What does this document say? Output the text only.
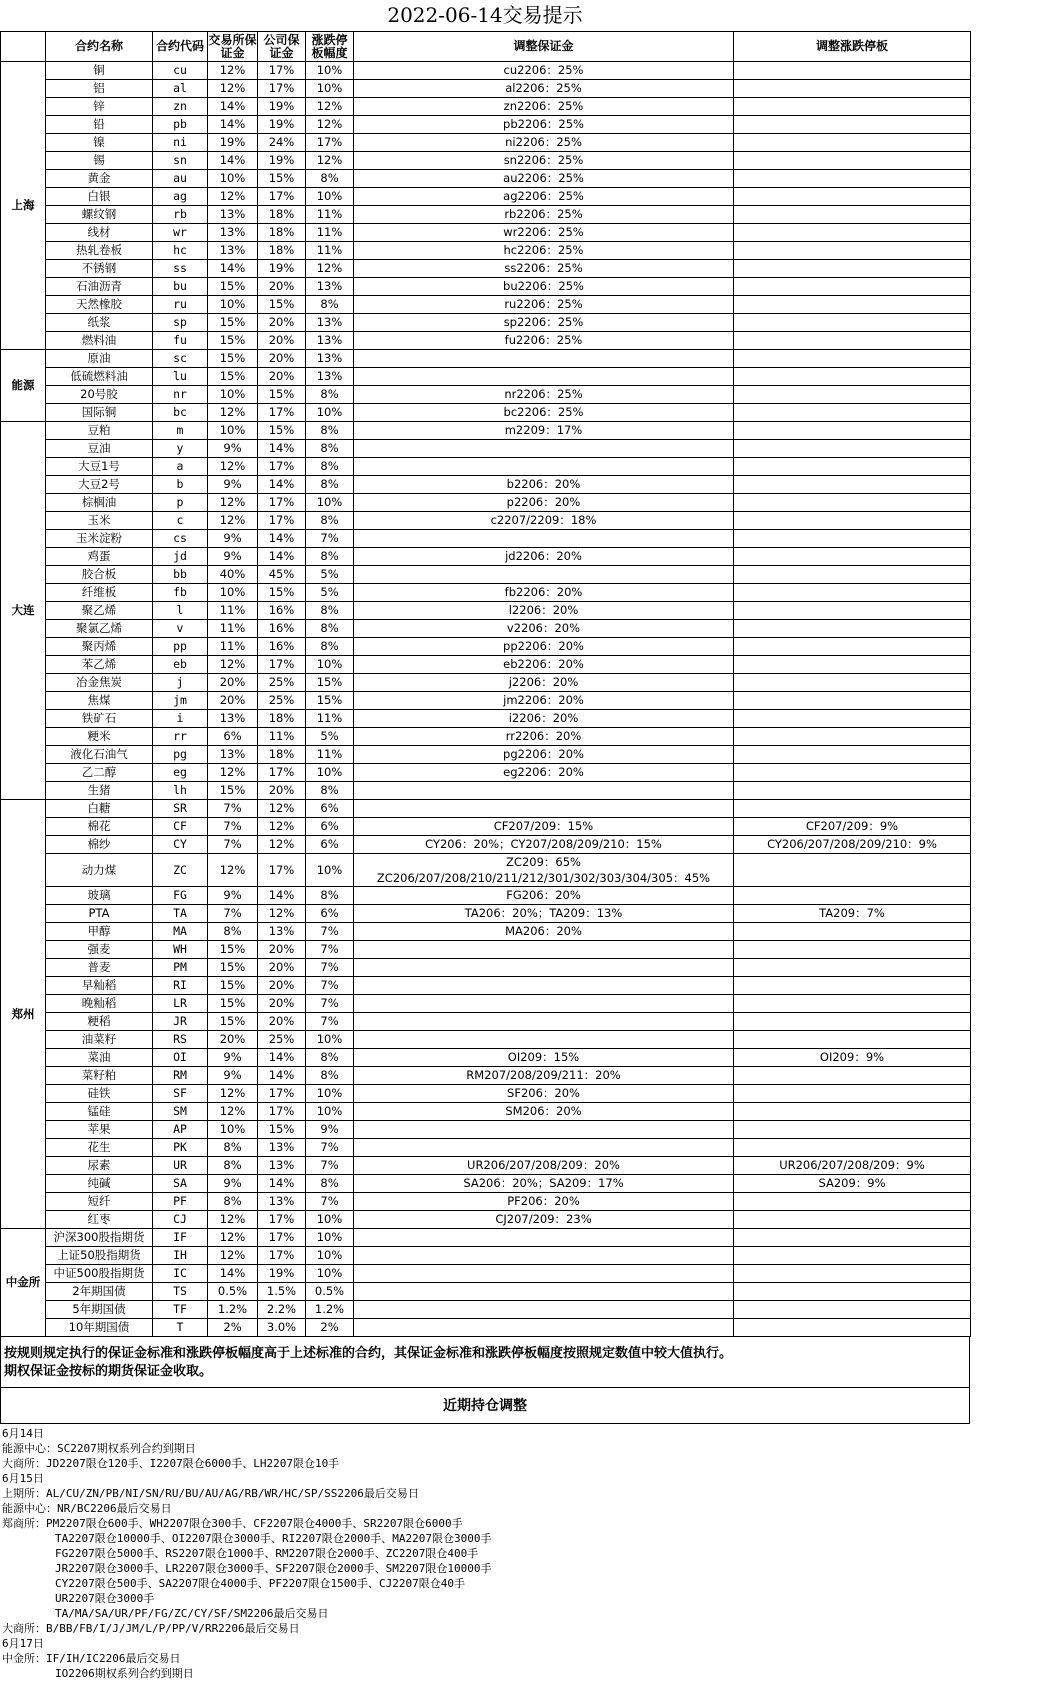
2022-06-14交易提示
	合约名称	合约代码	交易所保证金	公司保证金	涨跌停板幅度	调整保证金	调整涨跌停板
上海	铜	cu	12%	17%	10%	cu2206：25%	
	铝	al	12%	17%	10%	al2206：25%	
	锌	zn	14%	19%	12%	zn2206：25%	
	铅	pb	14%	19%	12%	pb2206：25%	
	镍	ni	19%	24%	17%	ni2206：25%	
	锡	sn	14%	19%	12%	sn2206：25%	
	黄金	au	10%	15%	8%	au2206：25%	
	白银	ag	12%	17%	10%	ag2206：25%	
	螺纹钢	rb	13%	18%	11%	rb2206：25%	
	线材	wr	13%	18%	11%	wr2206：25%	
	热轧卷板	hc	13%	18%	11%	hc2206：25%	
	不锈钢	ss	14%	19%	12%	ss2206：25%	
	石油沥青	bu	15%	20%	13%	bu2206：25%	
	天然橡胶	ru	10%	15%	8%	ru2206：25%	
	纸浆	sp	15%	20%	13%	sp2206：25%	
	燃料油	fu	15%	20%	13%	fu2206：25%	
能源	原油	sc	15%	20%	13%		
	低硫燃料油	lu	15%	20%	13%		
	20号胶	nr	10%	15%	8%	nr2206：25%	
	国际铜	bc	12%	17%	10%	bc2206：25%	
大连	豆粕	m	10%	15%	8%	m2209：17%	
	豆油	y	9%	14%	8%		
	大豆1号	a	12%	17%	8%		
	大豆2号	b	9%	14%	8%	b2206：20%	
	棕榈油	p	12%	17%	10%	p2206：20%	
	玉米	c	12%	17%	8%	c2207/2209：18%	
	玉米淀粉	cs	9%	14%	7%		
	鸡蛋	jd	9%	14%	8%	jd2206：20%	
	胶合板	bb	40%	45%	5%		
	纤维板	fb	10%	15%	5%	fb2206：20%	
	聚乙烯	l	11%	16%	8%	l2206：20%	
	聚氯乙烯	v	11%	16%	8%	v2206：20%	
	聚丙烯	pp	11%	16%	8%	pp2206：20%	
	苯乙烯	eb	12%	17%	10%	eb2206：20%	
	冶金焦炭	j	20%	25%	15%	j2206：20%	
	焦煤	jm	20%	25%	15%	jm2206：20%	
	铁矿石	i	13%	18%	11%	i2206：20%	
	粳米	rr	6%	11%	5%	rr2206：20%	
	液化石油气	pg	13%	18%	11%	pg2206：20%	
	乙二醇	eg	12%	17%	10%	eg2206：20%	
	生猪	lh	15%	20%	8%		
郑州	白糖	SR	7%	12%	6%		
	棉花	CF	7%	12%	6%	CF207/209：15%	CF207/209：9%
	棉纱	CY	7%	12%	6%	CY206：20%；CY207/208/209/210：15%	CY206/207/208/209/210：9%
	动力煤	ZC	12%	17%	10%	ZC209：65%
ZC206/207/208/210/211/212/301/302/303/304/305：45%	
	玻璃	FG	9%	14%	8%	FG206：20%	
	PTA	TA	7%	12%	6%	TA206：20%；TA209：13%	TA209：7%
	甲醇	MA	8%	13%	7%	MA206：20%	
	强麦	WH	15%	20%	7%		
	普麦	PM	15%	20%	7%		
	早籼稻	RI	15%	20%	7%		
	晚籼稻	LR	15%	20%	7%		
	粳稻	JR	15%	20%	7%		
	油菜籽	RS	20%	25%	10%		
	菜油	OI	9%	14%	8%	OI209：15%	OI209：9%
	菜籽粕	RM	9%	14%	8%	RM207/208/209/211：20%	
	硅铁	SF	12%	17%	10%	SF206：20%	
	锰硅	SM	12%	17%	10%	SM206：20%	
	苹果	AP	10%	15%	9%		
	花生	PK	8%	13%	7%		
	尿素	UR	8%	13%	7%	UR206/207/208/209：20%	UR206/207/208/209：9%
	纯碱	SA	9%	14%	8%	SA206：20%；SA209：17%	SA209：9%
	短纤	PF	8%	13%	7%	PF206：20%	
	红枣	CJ	12%	17%	10%	CJ207/209：23%	
中金所	沪深300股指期货	IF	12%	17%	10%		
	上证50股指期货	IH	12%	17%	10%		
	中证500股指期货	IC	14%	19%	10%		
	2年期国债	TS	0.5%	1.5%	0.5%		
	5年期国债	TF	1.2%	2.2%	1.2%		
	10年期国债	T	2%	3.0%	2%		
按规则规定执行的保证金标准和涨跌停板幅度高于上述标准的合约，其保证金标准和涨跌停板幅度按照规定数值中较大值执行。
期权保证金按标的期货保证金收取。
近期持仓调整
6月14日
能源中心：SC2207期权系列合约到期日
大商所：JD2207限仓120手、I2207限仓6000手、LH2207限仓10手
6月15日
上期所：AL/CU/ZN/PB/NI/SN/RU/BU/AU/AG/RB/WR/HC/SP/SS2206最后交易日
能源中心：NR/BC2206最后交易日
郑商所：PM2207限仓600手、WH2207限仓300手、CF2207限仓4000手、SR2207限仓6000手
TA2207限仓10000手、OI2207限仓3000手、RI2207限仓2000手、MA2207限仓3000手
FG2207限仓5000手、RS2207限仓1000手、RM2207限仓2000手、ZC2207限仓400手
JR2207限仓3000手、LR2207限仓3000手、SF2207限仓2000手、SM2207限仓10000手
CY2207限仓500手、SA2207限仓4000手、PF2207限仓1500手、CJ2207限仓40手
UR2207限仓3000手
TA/MA/SA/UR/PF/FG/ZC/CY/SF/SM2206最后交易日
大商所：B/BB/FB/I/J/JM/L/P/PP/V/RR2206最后交易日
6月17日
中金所：IF/IH/IC2206最后交易日
IO2206期权系列合约到期日
